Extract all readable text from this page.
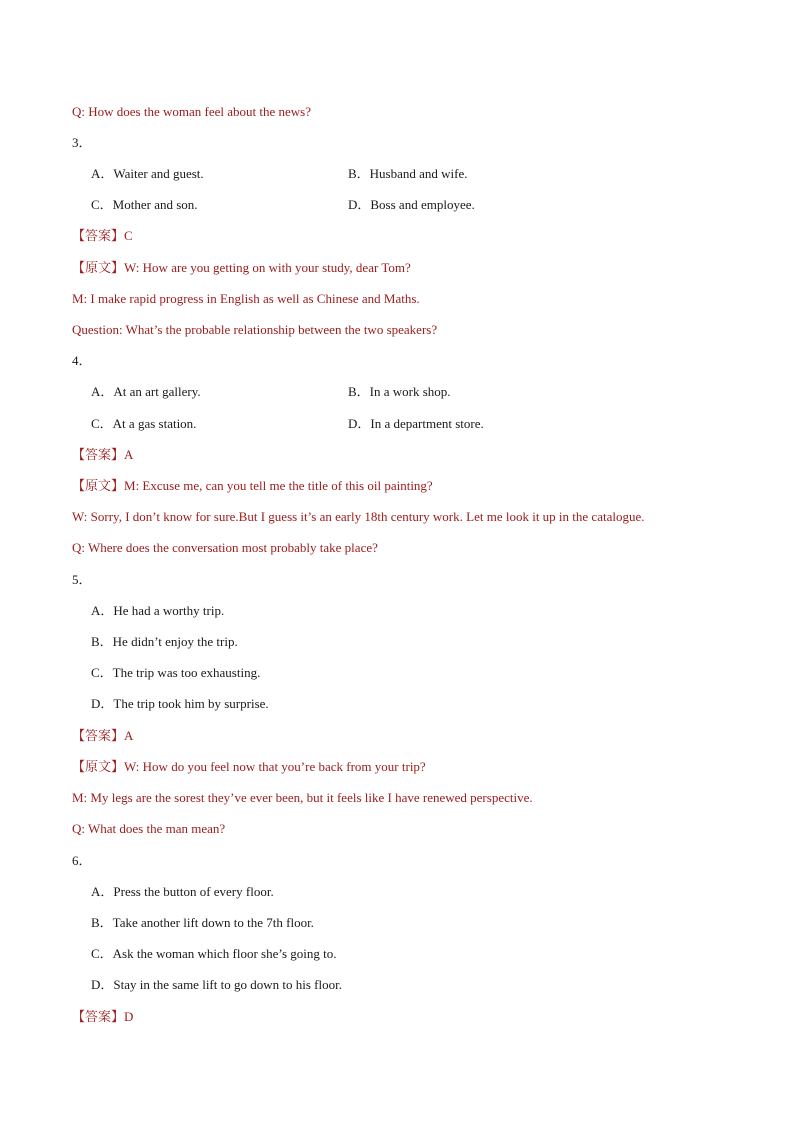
Q: How does the woman feel about the news?
3．
A．Waiter and guest.	B．Husband and wife.
C．Mother and son.	D．Boss and employee.
【答案】C
【原文】W: How are you getting on with your study, dear Tom?
M: I make rapid progress in English as well as Chinese and Maths.
Question: What’s the probable relationship between the two speakers?
4．
A．At an art gallery.	B．In a work shop.
C．At a gas station.	D．In a department store.
【答案】A
【原文】M: Excuse me, can you tell me the title of this oil painting?
W: Sorry, I don’t know for sure.But I guess it’s an early 18th century work. Let me look it up in the catalogue.
Q: Where does the conversation most probably take place?
5．
A．He had a worthy trip.
B．He didn’t enjoy the trip.
C．The trip was too exhausting.
D．The trip took him by surprise.
【答案】A
【原文】W: How do you feel now that you’re back from your trip?
M: My legs are the sorest they’ve ever been, but it feels like I have renewed perspective.
Q: What does the man mean?
6．
A．Press the button of every floor.
B．Take another lift down to the 7th floor.
C．Ask the woman which floor she’s going to.
D．Stay in the same lift to go down to his floor.
【答案】D
